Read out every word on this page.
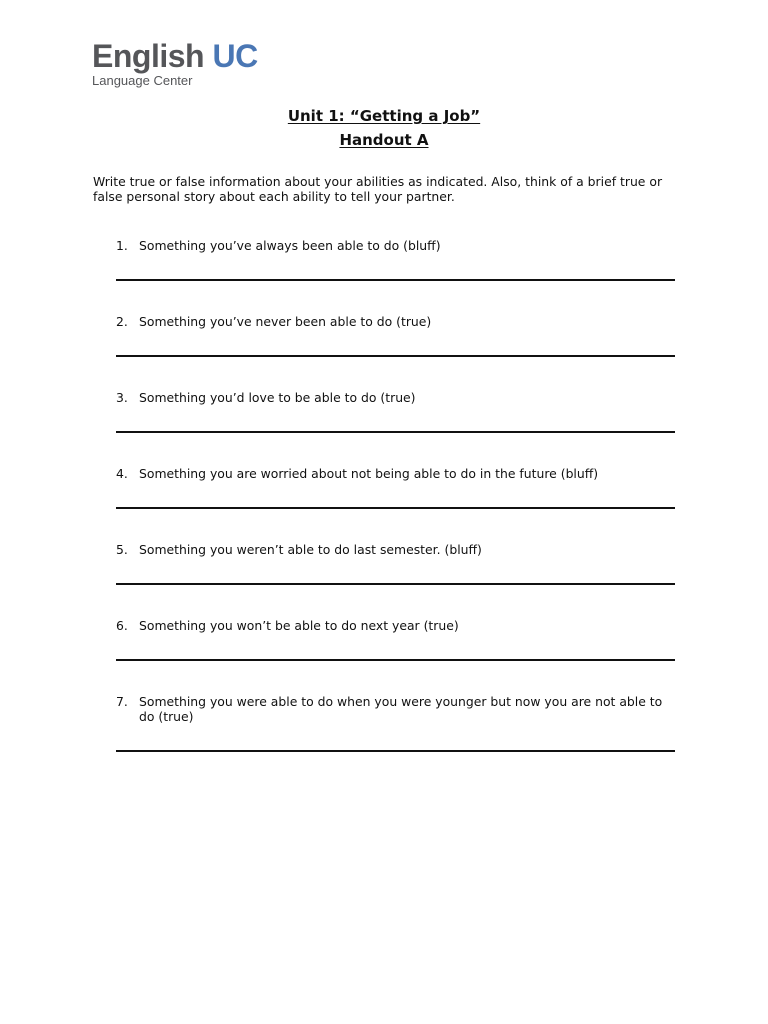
English UC
Language Center
Unit 1: “Getting a Job”
Handout A
Write true or false information about your abilities as indicated. Also, think of a brief true or false personal story about each ability to tell your partner.
1. Something you’ve always been able to do (bluff)
2. Something you’ve never been able to do (true)
3. Something you’d love to be able to do (true)
4. Something you are worried about not being able to do in the future (bluff)
5. Something you weren’t able to do last semester. (bluff)
6. Something you won’t be able to do next year (true)
7. Something you were able to do when you were younger but now you are not able to do (true)
